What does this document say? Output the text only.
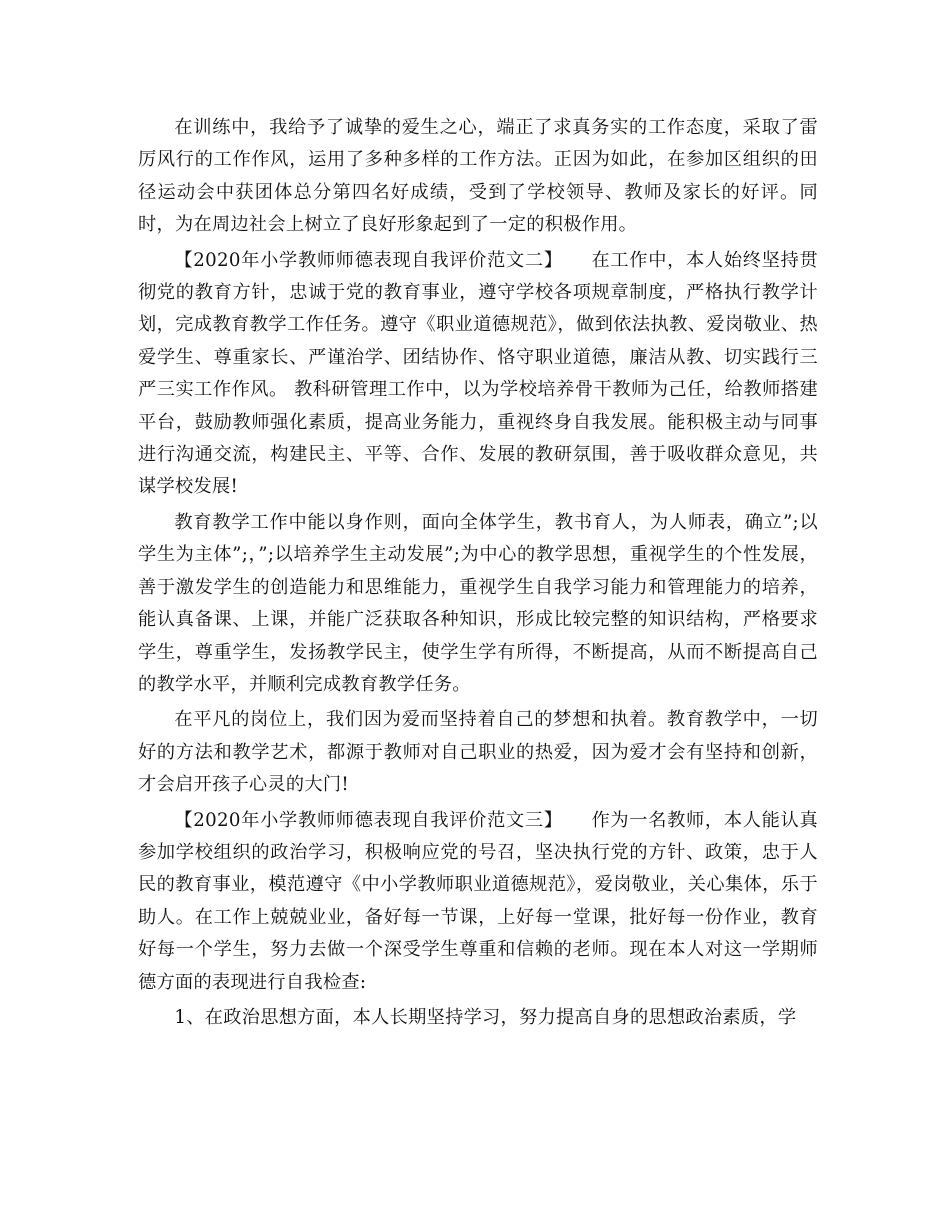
在训练中，我给予了诚挚的爱生之心，端正了求真务实的工作态度，采取了雷厉风行的工作作风，运用了多种多样的工作方法。正因为如此，在参加区组织的田径运动会中获团体总分第四名好成绩，受到了学校领导、教师及家长的好评。同时，为在周边社会上树立了良好形象起到了一定的积极作用。

【2020年小学教师师德表现自我评价范文二】　　在工作中，本人始终坚持贯彻党的教育方针，忠诚于党的教育事业，遵守学校各项规章制度，严格执行教学计划，完成教育教学工作任务。遵守《职业道德规范》，做到依法执教、爱岗敬业、热爱学生、尊重家长、严谨治学、团结协作、恪守职业道德，廉洁从教、切实践行三严三实工作作风。 教科研管理工作中，以为学校培养骨干教师为己任，给教师搭建平台，鼓励教师强化素质，提高业务能力，重视终身自我发展。能积极主动与同事进行沟通交流，构建民主、平等、合作、发展的教研氛围，善于吸收群众意见，共谋学校发展!

教育教学工作中能以身作则，面向全体学生，教书育人，为人师表，确立”;以学生为主体”;，”;以培养学生主动发展”;为中心的教学思想，重视学生的个性发展，善于激发学生的创造能力和思维能力，重视学生自我学习能力和管理能力的培养，能认真备课、上课，并能广泛获取各种知识，形成比较完整的知识结构，严格要求学生，尊重学生，发扬教学民主，使学生学有所得，不断提高，从而不断提高自己的教学水平，并顺利完成教育教学任务。

在平凡的岗位上，我们因为爱而坚持着自己的梦想和执着。教育教学中，一切好的方法和教学艺术，都源于教师对自己职业的热爱，因为爱才会有坚持和创新，才会启开孩子心灵的大门!

【2020年小学教师师德表现自我评价范文三】　　作为一名教师，本人能认真参加学校组织的政治学习，积极响应党的号召，坚决执行党的方针、政策，忠于人民的教育事业，模范遵守《中小学教师职业道德规范》，爱岗敬业，关心集体，乐于助人。在工作上兢兢业业，备好每一节课，上好每一堂课，批好每一份作业，教育好每一个学生，努力去做一个深受学生尊重和信赖的老师。现在本人对这一学期师德方面的表现进行自我检查:

1、在政治思想方面，本人长期坚持学习，努力提高自身的思想政治素质，学
